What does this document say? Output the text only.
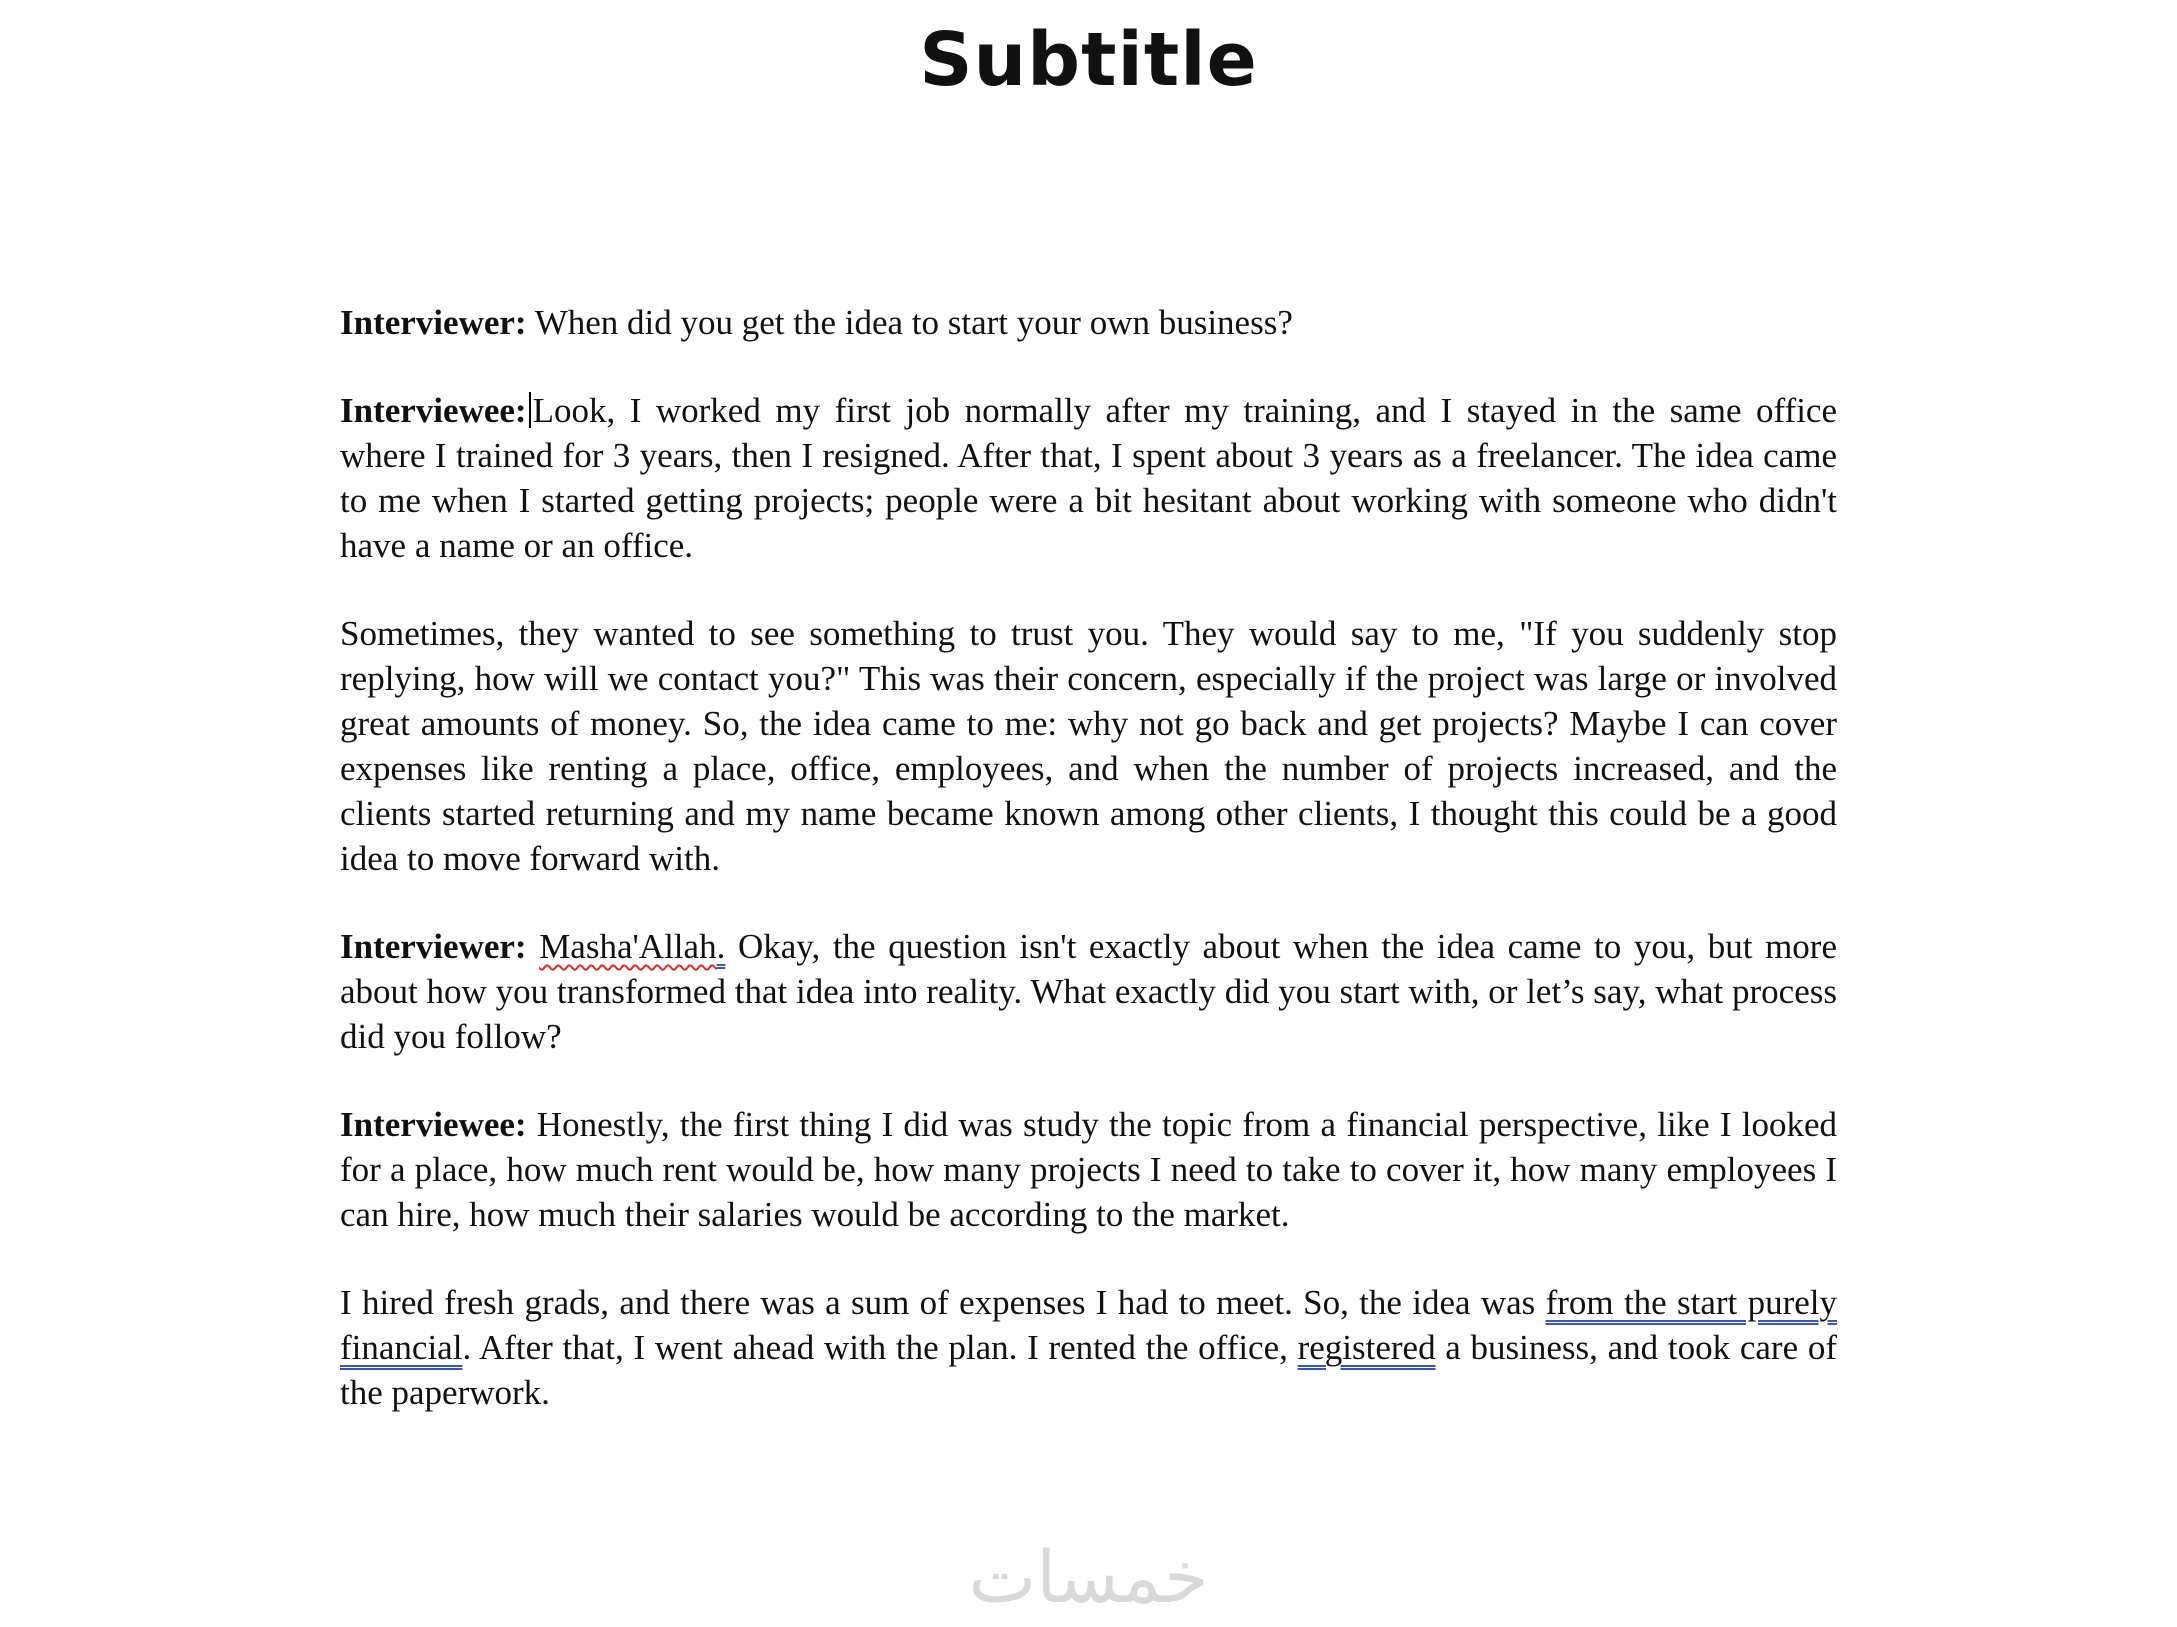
Subtitle

Interviewer: When did you get the idea to start your own business?

Interviewee: Look, I worked my first job normally after my training, and I stayed in the same office where I trained for 3 years, then I resigned. After that, I spent about 3 years as a freelancer. The idea came to me when I started getting projects; people were a bit hesitant about working with someone who didn't have a name or an office.

Sometimes, they wanted to see something to trust you. They would say to me, "If you suddenly stop replying, how will we contact you?" This was their concern, especially if the project was large or involved great amounts of money. So, the idea came to me: why not go back and get projects? Maybe I can cover expenses like renting a place, office, employees, and when the number of projects increased, and the clients started returning and my name became known among other clients, I thought this could be a good idea to move forward with.

Interviewer: Masha'Allah. Okay, the question isn't exactly about when the idea came to you, but more about how you transformed that idea into reality. What exactly did you start with, or let’s say, what process did you follow?

Interviewee: Honestly, the first thing I did was study the topic from a financial perspective, like I looked for a place, how much rent would be, how many projects I need to take to cover it, how many employees I can hire, how much their salaries would be according to the market.

I hired fresh grads, and there was a sum of expenses I had to meet. So, the idea was from the start purely financial. After that, I went ahead with the plan. I rented the office, registered a business, and took care of the paperwork.

خمسات
